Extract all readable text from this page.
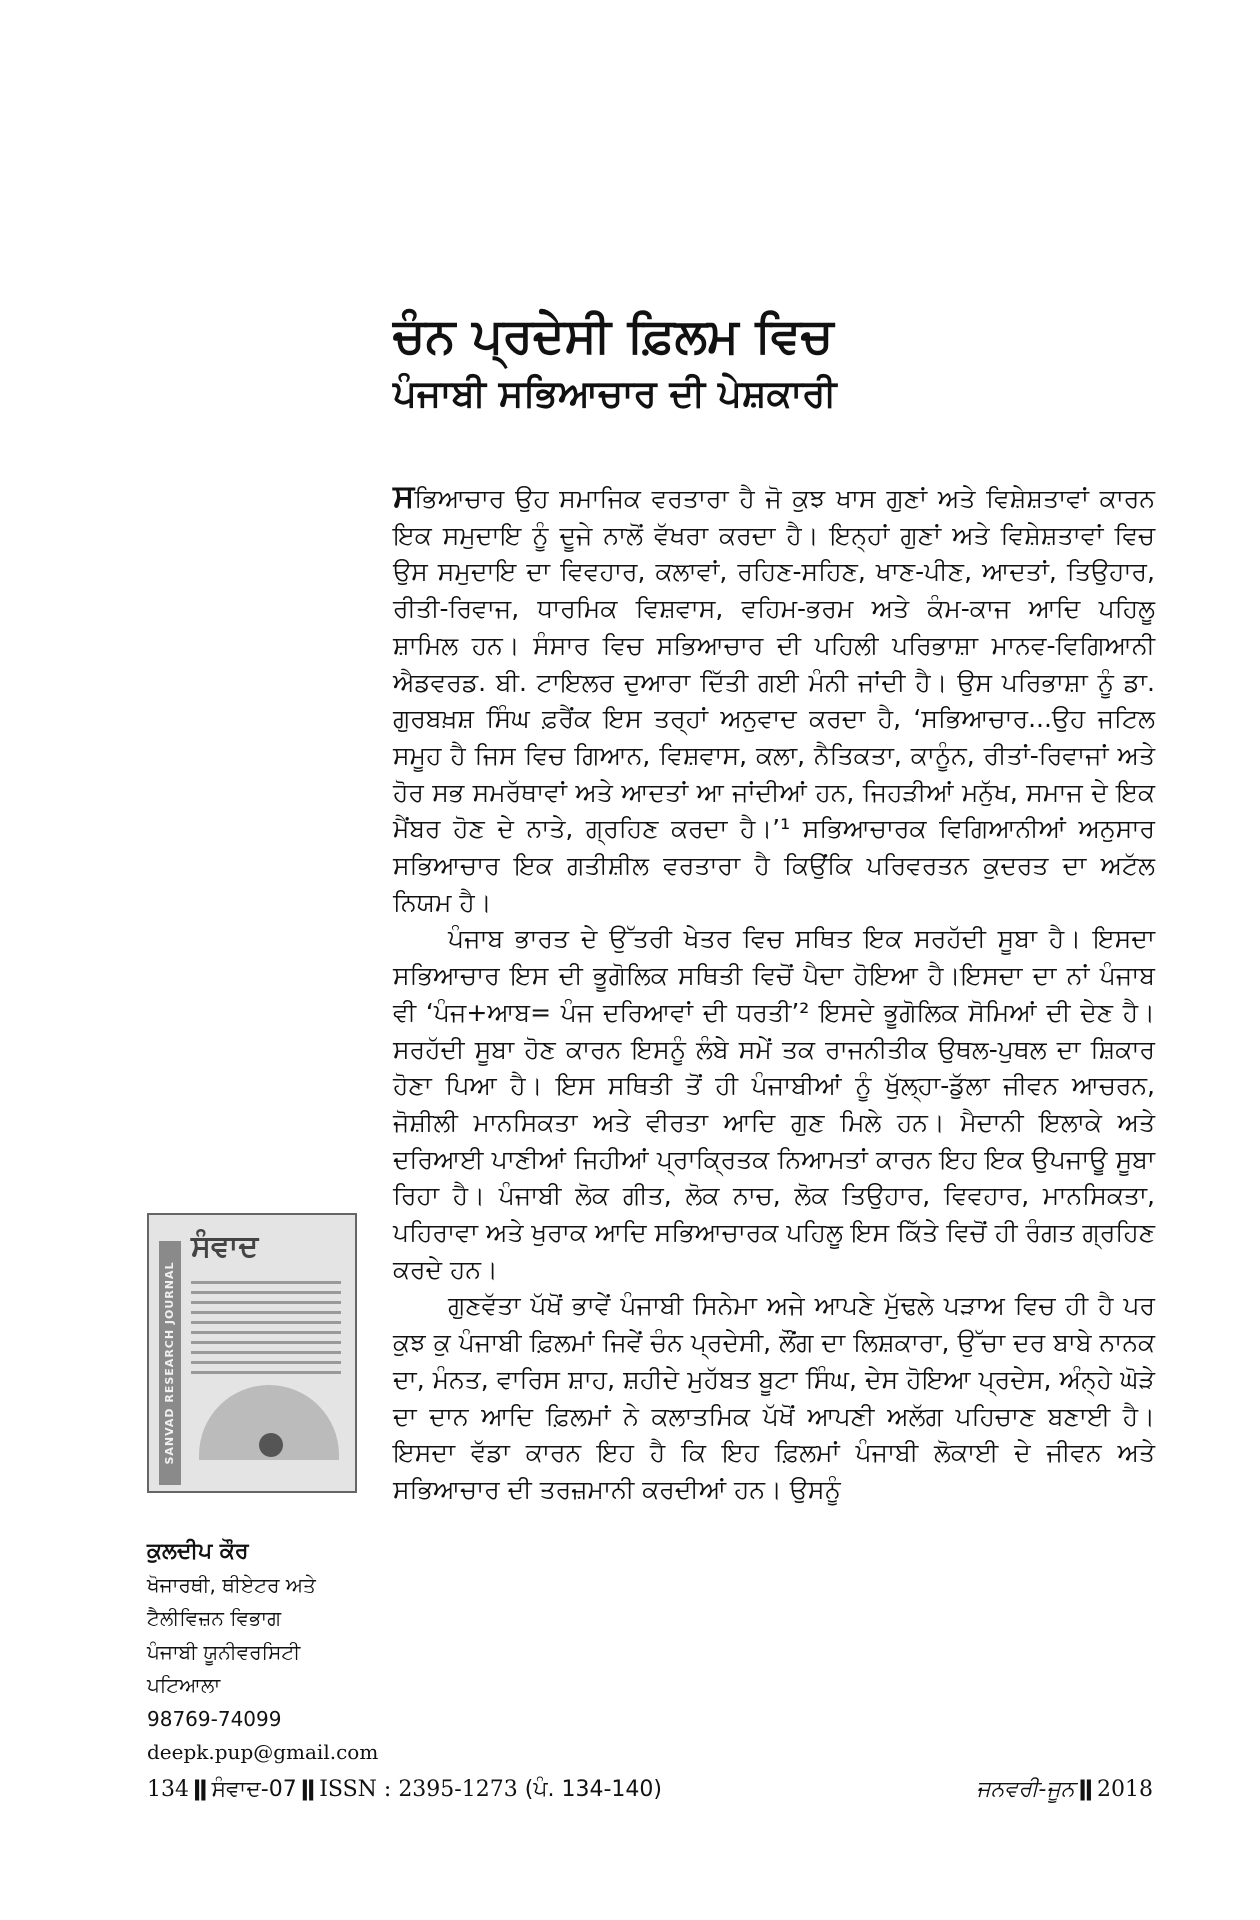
ਚੰਨ ਪ੍ਰਦੇਸੀ ਫ਼ਿਲਮ ਵਿਚ
ਪੰਜਾਬੀ ਸਭਿਆਚਾਰ ਦੀ ਪੇਸ਼ਕਾਰੀ

ਸਭਿਆਚਾਰ ਉਹ ਸਮਾਜਿਕ ਵਰਤਾਰਾ ਹੈ ਜੋ ਕੁਝ ਖਾਸ ਗੁਣਾਂ ਅਤੇ ਵਿਸ਼ੇਸ਼ਤਾਵਾਂ ਕਾਰਨ ਇਕ ਸਮੁਦਾਇ ਨੂੰ ਦੂਜੇ ਨਾਲੋਂ ਵੱਖਰਾ ਕਰਦਾ ਹੈ। ਇਨ੍ਹਾਂ ਗੁਣਾਂ ਅਤੇ ਵਿਸ਼ੇਸ਼ਤਾਵਾਂ ਵਿਚ ਉਸ ਸਮੁਦਾਇ ਦਾ ਵਿਵਹਾਰ, ਕਲਾਵਾਂ, ਰਹਿਣ-ਸਹਿਣ, ਖਾਣ-ਪੀਣ, ਆਦਤਾਂ, ਤਿਉਹਾਰ, ਰੀਤੀ-ਰਿਵਾਜ, ਧਾਰਮਿਕ ਵਿਸ਼ਵਾਸ, ਵਹਿਮ-ਭਰਮ ਅਤੇ ਕੰਮ-ਕਾਜ ਆਦਿ ਪਹਿਲੂ ਸ਼ਾਮਿਲ ਹਨ। ਸੰਸਾਰ ਵਿਚ ਸਭਿਆਚਾਰ ਦੀ ਪਹਿਲੀ ਪਰਿਭਾਸ਼ਾ ਮਾਨਵ-ਵਿਗਿਆਨੀ ਐਡਵਰਡ. ਬੀ. ਟਾਇਲਰ ਦੁਆਰਾ ਦਿੱਤੀ ਗਈ ਮੰਨੀ ਜਾਂਦੀ ਹੈ। ਉਸ ਪਰਿਭਾਸ਼ਾ ਨੂੰ ਡਾ. ਗੁਰਬਖ਼ਸ਼ ਸਿੰਘ ਫ਼ਰੈਂਕ ਇਸ ਤਰ੍ਹਾਂ ਅਨੁਵਾਦ ਕਰਦਾ ਹੈ, ‘ਸਭਿਆਚਾਰ...ਉਹ ਜਟਿਲ ਸਮੂਹ ਹੈ ਜਿਸ ਵਿਚ ਗਿਆਨ, ਵਿਸ਼ਵਾਸ, ਕਲਾ, ਨੈਤਿਕਤਾ, ਕਾਨੂੰਨ, ਰੀਤਾਂ-ਰਿਵਾਜਾਂ ਅਤੇ ਹੋਰ ਸਭ ਸਮਰੱਥਾਵਾਂ ਅਤੇ ਆਦਤਾਂ ਆ ਜਾਂਦੀਆਂ ਹਨ, ਜਿਹੜੀਆਂ ਮਨੁੱਖ, ਸਮਾਜ ਦੇ ਇਕ ਮੈਂਬਰ ਹੋਣ ਦੇ ਨਾਤੇ, ਗ੍ਰਹਿਣ ਕਰਦਾ ਹੈ।’¹ ਸਭਿਆਚਾਰਕ ਵਿਗਿਆਨੀਆਂ ਅਨੁਸਾਰ ਸਭਿਆਚਾਰ ਇਕ ਗਤੀਸ਼ੀਲ ਵਰਤਾਰਾ ਹੈ ਕਿਉਂਕਿ ਪਰਿਵਰਤਨ ਕੁਦਰਤ ਦਾ ਅਟੱਲ ਨਿਯਮ ਹੈ।

ਪੰਜਾਬ ਭਾਰਤ ਦੇ ਉੱਤਰੀ ਖੇਤਰ ਵਿਚ ਸਥਿਤ ਇਕ ਸਰਹੱਦੀ ਸੂਬਾ ਹੈ। ਇਸਦਾ ਸਭਿਆਚਾਰ ਇਸ ਦੀ ਭੂਗੋਲਿਕ ਸਥਿਤੀ ਵਿਚੋਂ ਪੈਦਾ ਹੋਇਆ ਹੈ।ਇਸਦਾ ਦਾ ਨਾਂ ਪੰਜਾਬ ਵੀ ‘ਪੰਜ+ਆਬ= ਪੰਜ ਦਰਿਆਵਾਂ ਦੀ ਧਰਤੀ’² ਇਸਦੇ ਭੂਗੋਲਿਕ ਸੋਮਿਆਂ ਦੀ ਦੇਣ ਹੈ। ਸਰਹੱਦੀ ਸੂਬਾ ਹੋਣ ਕਾਰਨ ਇਸਨੂੰ ਲੰਬੇ ਸਮੇਂ ਤਕ ਰਾਜਨੀਤੀਕ ਉਥਲ-ਪੁਥਲ ਦਾ ਸ਼ਿਕਾਰ ਹੋਣਾ ਪਿਆ ਹੈ। ਇਸ ਸਥਿਤੀ ਤੋਂ ਹੀ ਪੰਜਾਬੀਆਂ ਨੂੰ ਖੁੱਲ੍ਹਾ-ਡੁੱਲਾ ਜੀਵਨ ਆਚਰਨ, ਜੋਸ਼ੀਲੀ ਮਾਨਸਿਕਤਾ ਅਤੇ ਵੀਰਤਾ ਆਦਿ ਗੁਣ ਮਿਲੇ ਹਨ। ਮੈਦਾਨੀ ਇਲਾਕੇ ਅਤੇ ਦਰਿਆਈ ਪਾਣੀਆਂ ਜਿਹੀਆਂ ਪ੍ਰਾਕ੍ਰਿਤਕ ਨਿਆਮਤਾਂ ਕਾਰਨ ਇਹ ਇਕ ਉਪਜਾਊ ਸੂਬਾ ਰਿਹਾ ਹੈ। ਪੰਜਾਬੀ ਲੋਕ ਗੀਤ, ਲੋਕ ਨਾਚ, ਲੋਕ ਤਿਉਹਾਰ, ਵਿਵਹਾਰ, ਮਾਨਸਿਕਤਾ, ਪਹਿਰਾਵਾ ਅਤੇ ਖੁਰਾਕ ਆਦਿ ਸਭਿਆਚਾਰਕ ਪਹਿਲੂ ਇਸ ਕਿੱਤੇ ਵਿਚੋਂ ਹੀ ਰੰਗਤ ਗ੍ਰਹਿਣ ਕਰਦੇ ਹਨ।

ਗੁਣਵੱਤਾ ਪੱਖੋਂ ਭਾਵੇਂ ਪੰਜਾਬੀ ਸਿਨੇਮਾ ਅਜੇ ਆਪਣੇ ਮੁੱਢਲੇ ਪੜਾਅ ਵਿਚ ਹੀ ਹੈ ਪਰ ਕੁਝ ਕੁ ਪੰਜਾਬੀ ਫ਼ਿਲਮਾਂ ਜਿਵੇਂ ਚੰਨ ਪ੍ਰਦੇਸੀ, ਲੌਂਗ ਦਾ ਲਿਸ਼ਕਾਰਾ, ਉੱਚਾ ਦਰ ਬਾਬੇ ਨਾਨਕ ਦਾ, ਮੰਨਤ, ਵਾਰਿਸ ਸ਼ਾਹ, ਸ਼ਹੀਦੇ ਮੁਹੱਬਤ ਬੂਟਾ ਸਿੰਘ, ਦੇਸ ਹੋਇਆ ਪ੍ਰਦੇਸ, ਅੰਨ੍ਹੇ ਘੋੜੇ ਦਾ ਦਾਨ ਆਦਿ ਫ਼ਿਲਮਾਂ ਨੇ ਕਲਾਤਮਿਕ ਪੱਖੋਂ ਆਪਣੀ ਅਲੱਗ ਪਹਿਚਾਣ ਬਣਾਈ ਹੈ। ਇਸਦਾ ਵੱਡਾ ਕਾਰਨ ਇਹ ਹੈ ਕਿ ਇਹ ਫ਼ਿਲਮਾਂ ਪੰਜਾਬੀ ਲੋਕਾਈ ਦੇ ਜੀਵਨ ਅਤੇ ਸਭਿਆਚਾਰ ਦੀ ਤਰਜ਼ਮਾਨੀ ਕਰਦੀਆਂ ਹਨ। ਉਸਨੂੰ

SANVAD RESEARCH JOURNAL
ਸੰਵਾਦ
ਕੁਲਦੀਪ ਕੌਰ
ਖੋਜਾਰਥੀ, ਥੀਏਟਰ ਅਤੇ
ਟੈਲੀਵਿਜ਼ਨ ਵਿਭਾਗ
ਪੰਜਾਬੀ ਯੂਨੀਵਰਸਿਟੀ
ਪਟਿਆਲਾ
98769-74099
deepk.pup@gmail.com
134 ǁ ਸੰਵਾਦ-07 ǁ ISSN : 2395-1273 (ਪੰ. 134-140)	ਜਨਵਰੀ-ਜੂਨ ǁ 2018
